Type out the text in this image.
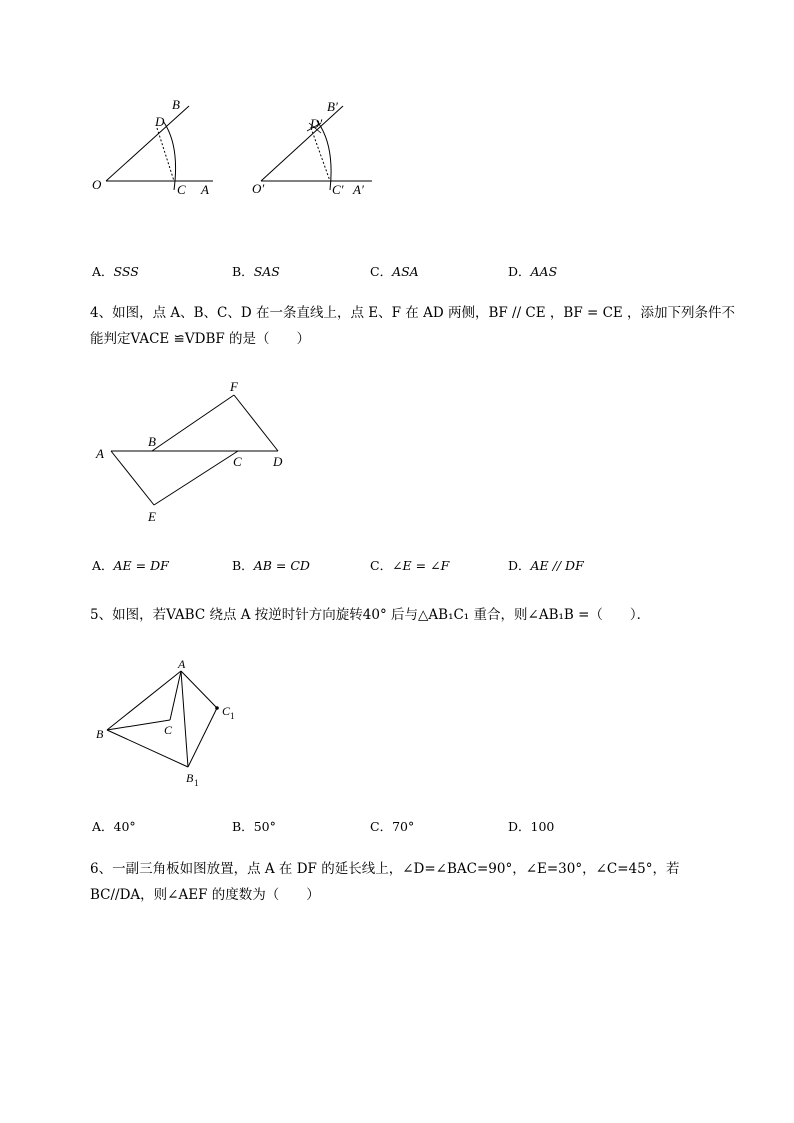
O
B
D
C A	O′
B′
D′
C′ A′
A．SSS	B．SAS	C．ASA	D．AAS
4、如图，点 A、B、C、D 在一条直线上，点 E、F 在 AD 两侧，BF // CE ，BF = CE ，添加下列条件不
能判定VACE ≌VDBF 的是（　　）
A
B
C D
E
F
A．AE = DF	B．AB = CD	C．∠E = ∠F	D．AE // DF
5、如图，若VABC 绕点 A 按逆时针方向旋转40° 后与△AB₁C₁ 重合，则∠AB₁B =（　　）．
A
B	C
C 1
B 1
A．40°	B．50°	C．70°	D．100
6、一副三角板如图放置，点 A 在 DF 的延长线上，∠D=∠BAC=90°，∠E=30°，∠C=45°，若
BC//DA，则∠AEF 的度数为（　　）
